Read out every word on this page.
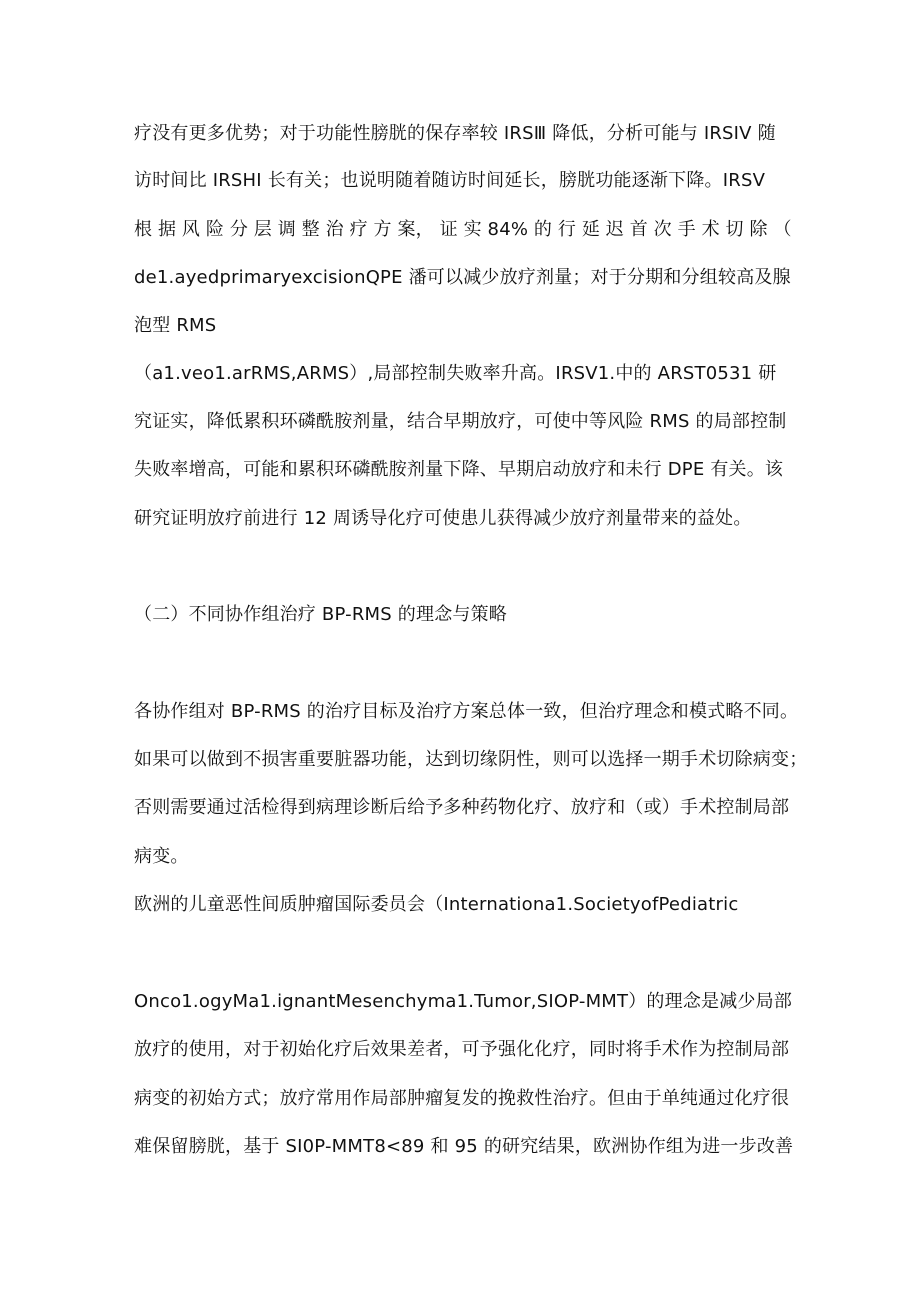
疗没有更多优势；对于功能性膀胱的保存率较 IRSⅢ 降低，分析可能与 IRSIV 随
访时间比 IRSHI 长有关；也说明随着随访时间延长，膀胱功能逐渐下降。IRSV
根 据 风 险 分 层 调 整 治 疗 方 案， 证 实 84% 的 行 延 迟 首 次 手 术 切 除 （
de1.ayedprimaryexcisionQPE 潘可以减少放疗剂量；对于分期和分组较高及腺
泡型 RMS
（a1.veo1.arRMS,ARMS）,局部控制失败率升高。IRSV1.中的 ARST0531 研
究证实，降低累积环磷酰胺剂量，结合早期放疗，可使中等风险 RMS 的局部控制
失败率增高，可能和累积环磷酰胺剂量下降、早期启动放疗和未行 DPE 有关。该
研究证明放疗前进行 12 周诱导化疗可使患儿获得减少放疗剂量带来的益处。
（二）不同协作组治疗 BP-RMS 的理念与策略
各协作组对 BP-RMS 的治疗目标及治疗方案总体一致，但治疗理念和模式略不同。
如果可以做到不损害重要脏器功能，达到切缘阴性，则可以选择一期手术切除病变；
否则需要通过活检得到病理诊断后给予多种药物化疗、放疗和（或）手术控制局部
病变。
欧洲的儿童恶性间质肿瘤国际委员会（Internationa1.SocietyofPediatric
Onco1.ogyMa1.ignantMesenchyma1.Tumor,SIOP-MMT）的理念是减少局部
放疗的使用，对于初始化疗后效果差者，可予强化化疗，同时将手术作为控制局部
病变的初始方式；放疗常用作局部肿瘤复发的挽救性治疗。但由于单纯通过化疗很
难保留膀胱，基于 SI0P-MMT8<89 和 95 的研究结果，欧洲协作组为进一步改善
